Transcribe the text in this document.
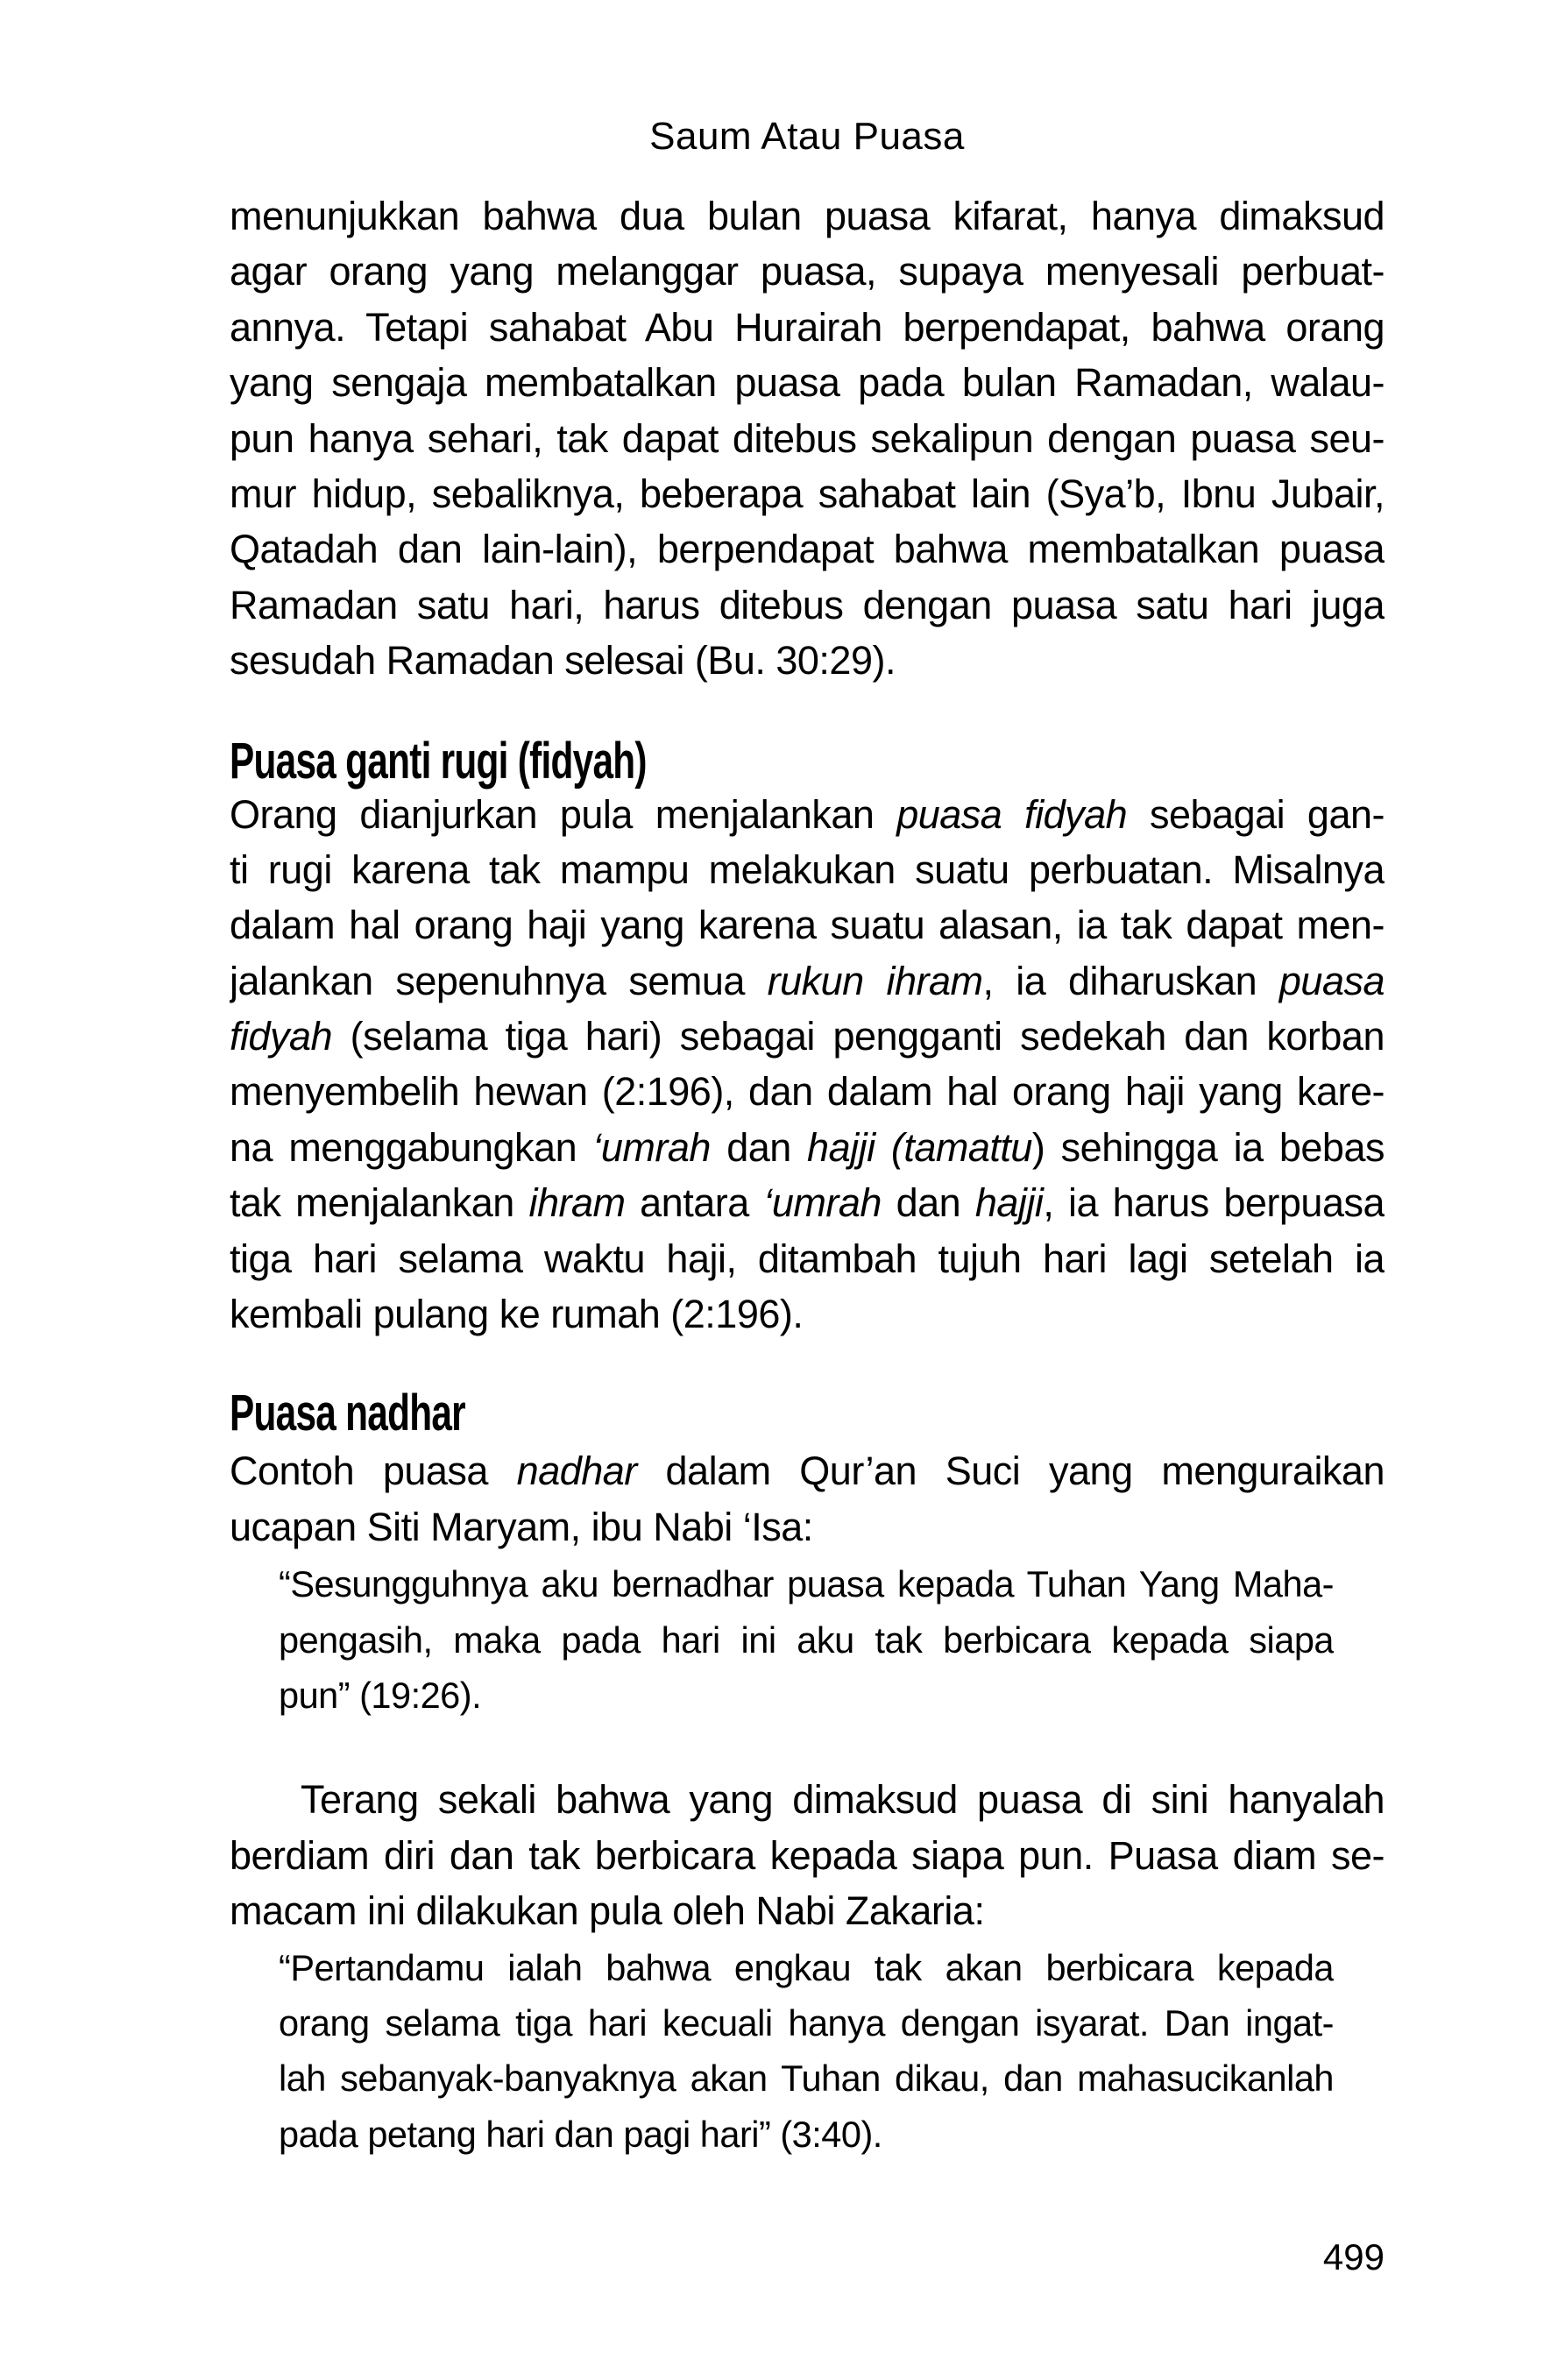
Saum Atau Puasa
menunjukkan bahwa dua bulan puasa kifarat, hanya dimaksud
agar orang yang melanggar puasa, supaya menyesali perbuat-
annya. Tetapi sahabat Abu Hurairah berpendapat, bahwa orang
yang sengaja membatalkan puasa pada bulan Ramadan, walau-
pun hanya sehari, tak dapat ditebus sekalipun dengan puasa seu-
mur hidup, sebaliknya, beberapa sahabat lain (Sya’b, Ibnu Jubair,
Qatadah dan lain-lain), berpendapat bahwa membatalkan puasa
Ramadan satu hari, harus ditebus dengan puasa satu hari juga
sesudah Ramadan selesai (Bu. 30:29).
Puasa ganti rugi (fidyah)
Orang dianjurkan pula menjalankan puasa fidyah sebagai gan-
ti rugi karena tak mampu melakukan suatu perbuatan. Misalnya
dalam hal orang haji yang karena suatu alasan, ia tak dapat men-
jalankan sepenuhnya semua rukun ihram, ia diharuskan puasa
fidyah (selama tiga hari) sebagai pengganti sedekah dan korban
menyembelih hewan (2:196), dan dalam hal orang haji yang kare-
na menggabungkan ‘umrah dan hajji (tamattu) sehingga ia bebas
tak menjalankan ihram antara ‘umrah dan hajji, ia harus berpuasa
tiga hari selama waktu haji, ditambah tujuh hari lagi setelah ia
kembali pulang ke rumah (2:196).
Puasa nadhar
Contoh puasa nadhar dalam Qur’an Suci yang menguraikan
ucapan Siti Maryam, ibu Nabi ‘Isa:
“Sesungguhnya aku bernadhar puasa kepada Tuhan Yang Maha-
pengasih, maka pada hari ini aku tak berbicara kepada siapa
pun” (19:26).
Terang sekali bahwa yang dimaksud puasa di sini hanyalah
berdiam diri dan tak berbicara kepada siapa pun. Puasa diam se-
macam ini dilakukan pula oleh Nabi Zakaria:
“Pertandamu ialah bahwa engkau tak akan berbicara kepada
orang selama tiga hari kecuali hanya dengan isyarat. Dan ingat-
lah sebanyak-banyaknya akan Tuhan dikau, dan mahasucikanlah
pada petang hari dan pagi hari” (3:40).
499
